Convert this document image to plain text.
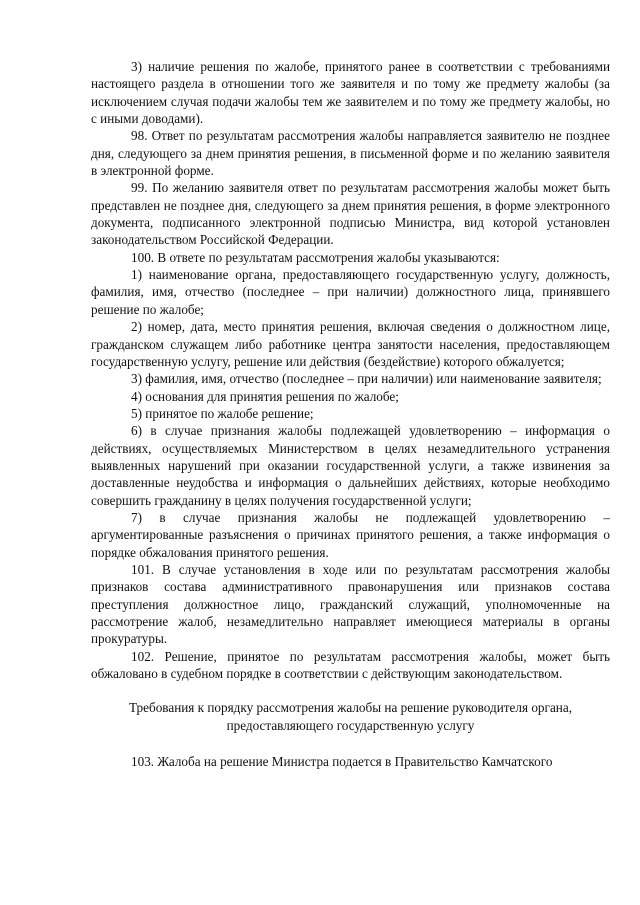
3) наличие решения по жалобе, принятого ранее в соответствии с требованиями настоящего раздела в отношении того же заявителя и по тому же предмету жалобы (за исключением случая подачи жалобы тем же заявителем и по тому же предмету жалобы, но с иными доводами).

98. Ответ по результатам рассмотрения жалобы направляется заявителю не позднее дня, следующего за днем принятия решения, в письменной форме и по желанию заявителя в электронной форме.

99. По желанию заявителя ответ по результатам рассмотрения жалобы может быть представлен не позднее дня, следующего за днем принятия решения, в форме электронного документа, подписанного электронной подписью Министра, вид которой установлен законодательством Российской Федерации.

100. В ответе по результатам рассмотрения жалобы указываются:

1) наименование органа, предоставляющего государственную услугу, должность, фамилия, имя, отчество (последнее – при наличии) должностного лица, принявшего решение по жалобе;

2) номер, дата, место принятия решения, включая сведения о должностном лице, гражданском служащем либо работнике центра занятости населения, предоставляющем государственную услугу, решение или действия (бездействие) которого обжалуется;

3) фамилия, имя, отчество (последнее – при наличии) или наименование заявителя;

4) основания для принятия решения по жалобе;

5) принятое по жалобе решение;

6) в случае признания жалобы подлежащей удовлетворению – информация о действиях, осуществляемых Министерством в целях незамедлительного устранения выявленных нарушений при оказании государственной услуги, а также извинения за доставленные неудобства и информация о дальнейших действиях, которые необходимо совершить гражданину в целях получения государственной услуги;

7) в случае признания жалобы не подлежащей удовлетворению – аргументированные разъяснения о причинах принятого решения, а также информация о порядке обжалования принятого решения.

101. В случае установления в ходе или по результатам рассмотрения жалобы признаков состава административного правонарушения или признаков состава преступления должностное лицо, гражданский служащий, уполномоченные на рассмотрение жалоб, незамедлительно направляет имеющиеся материалы в органы прокуратуры.

102. Решение, принятое по результатам рассмотрения жалобы, может быть обжаловано в судебном порядке в соответствии с действующим законодательством.

Требования к порядку рассмотрения жалобы на решение руководителя органа, предоставляющего государственную услугу

103. Жалоба на решение Министра подается в Правительство Камчатского
